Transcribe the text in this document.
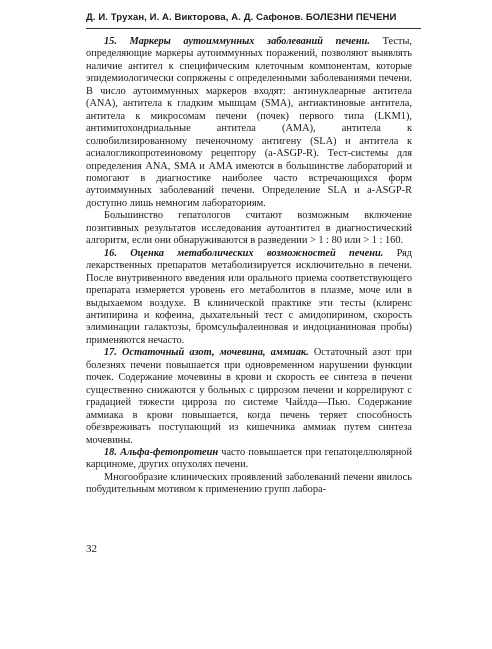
Д. И. Трухан, И. А. Викторова, А. Д. Сафонов. БОЛЕЗНИ ПЕЧЕНИ

15. Маркеры аутоиммунных заболеваний печени. Тесты, определяющие маркеры аутоиммунных поражений, позволяют выявлять наличие антител к специфическим клеточным компонентам, которые эпидемиологически сопряжены с определенными заболеваниями печени. В число аутоиммунных маркеров входят: антинуклеарные антитела (ANA), антитела к гладким мышцам (SMA), антиактиновые антитела, антитела к микросомам печени (почек) первого типа (LKM1), антимитохондриальные антитела (AMA), антитела к солюбилизированному печеночному антигену (SLA) и антитела к асиалогликопротеиновому рецептору (а-ASGP-R). Тест-системы для определения ANA, SMA и AMA имеются в большинстве лабораторий и помогают в диагностике наиболее часто встречающихся форм аутоиммунных заболеваний печени. Определение SLA и а-ASGP-R доступно лишь немногим лабораториям.

Большинство гепатологов считают возможным включение позитивных результатов исследования аутоантител в диагностический алгоритм, если они обнаруживаются в разведении > 1 : 80 или > 1 : 160.

16. Оценка метаболических возможностей печени. Ряд лекарственных препаратов метаболизируется исключительно в печени. После внутривенного введения или орального приема соответствующего препарата измеряется уровень его метаболитов в плазме, моче или в выдыхаемом воздухе. В клинической практике эти тесты (клиренс антипирина и кофеина, дыхательный тест с амидопирином, скорость элиминации галактозы, бромсульфалеиновая и индоцианиновая пробы) применяются нечасто.

17. Остаточный азот, мочевина, аммиак. Остаточный азот при болезнях печени повышается при одновременном нарушении функции почек. Содержание мочевины в крови и скорость ее синтеза в печени существенно снижаются у больных с циррозом печени и коррелируют с градацией тяжести цирроза по системе Чайлда—Пью. Содержание аммиака в крови повышается, когда печень теряет способность обезвреживать поступающий из кишечника аммиак путем синтеза мочевины.

18. Альфа-фетопротеин часто повышается при гепатоцеллюлярной карциноме, других опухолях печени.

Многообразие клинических проявлений заболеваний печени явилось побудительным мотивом к применению групп лабора-

32
